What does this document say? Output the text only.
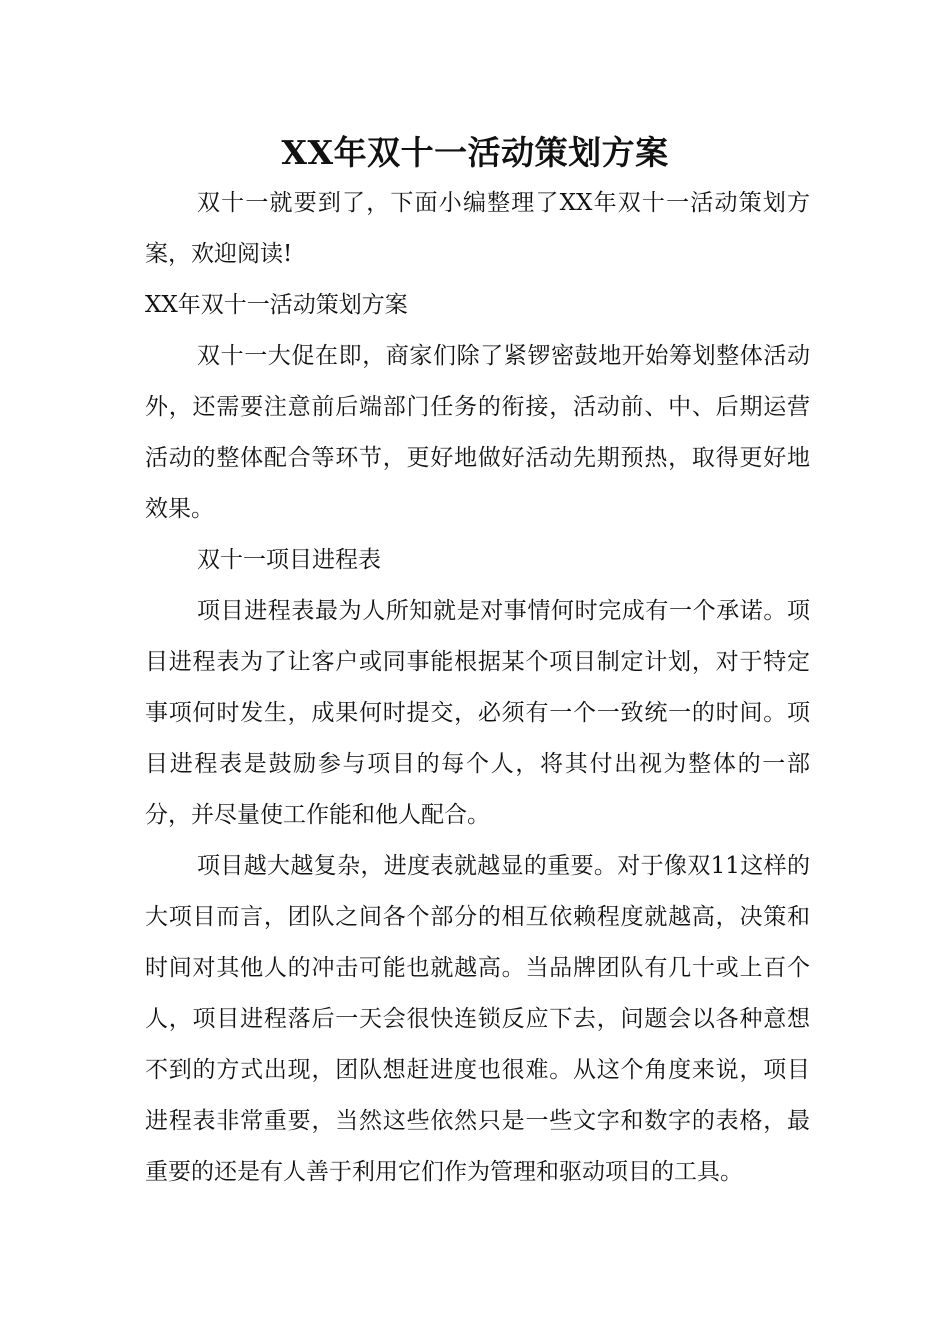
XX年双十一活动策划方案

双十一就要到了，下面小编整理了XX年双十一活动策划方案，欢迎阅读!

XX年双十一活动策划方案

双十一大促在即，商家们除了紧锣密鼓地开始筹划整体活动外，还需要注意前后端部门任务的衔接，活动前、中、后期运营活动的整体配合等环节，更好地做好活动先期预热，取得更好地效果。

双十一项目进程表

项目进程表最为人所知就是对事情何时完成有一个承诺。项目进程表为了让客户或同事能根据某个项目制定计划，对于特定事项何时发生，成果何时提交，必须有一个一致统一的时间。项目进程表是鼓励参与项目的每个人，将其付出视为整体的一部分，并尽量使工作能和他人配合。

项目越大越复杂，进度表就越显的重要。对于像双11这样的大项目而言，团队之间各个部分的相互依赖程度就越高，决策和时间对其他人的冲击可能也就越高。当品牌团队有几十或上百个人，项目进程落后一天会很快连锁反应下去，问题会以各种意想不到的方式出现，团队想赶进度也很难。从这个角度来说，项目进程表非常重要，当然这些依然只是一些文字和数字的表格，最重要的还是有人善于利用它们作为管理和驱动项目的工具。
